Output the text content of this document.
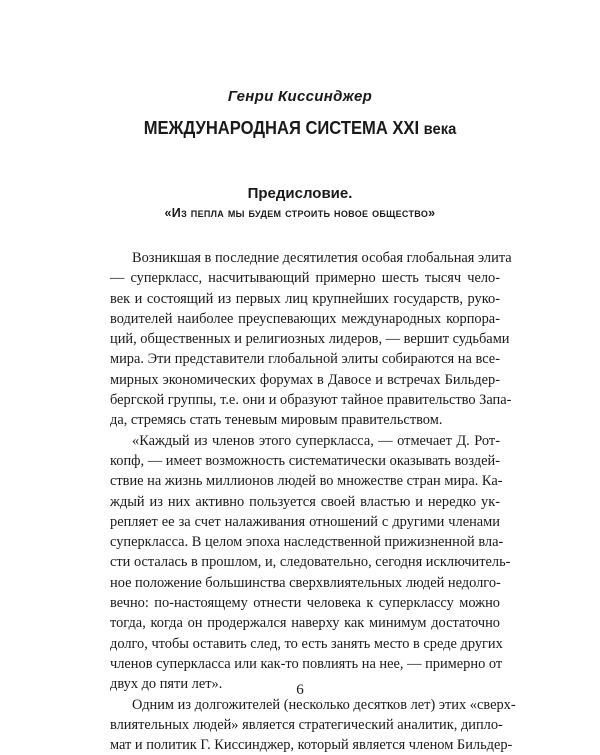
Генри Киссинджер
МЕЖДУНАРОДНАЯ СИСТЕМА XXI века
Предисловие.
«Из пепла мы будем строить новое общество»
Возникшая в последние десятилетия особая глобальная элита
— суперкласс, насчитывающий примерно шесть тысяч чело-
век и состоящий из первых лиц крупнейших государств, руко-
водителей наиболее преуспевающих международных корпора-
ций, общественных и религиозных лидеров, — вершит судьбами
мира. Эти представители глобальной элиты собираются на все-
мирных экономических форумах в Давосе и встречах Бильдер-
бергской группы, т.е. они и образуют тайное правительство Запа-
да, стремясь стать теневым мировым правительством.
«Каждый из членов этого суперкласса, — отмечает Д. Рот-
копф, — имеет возможность систематически оказывать воздей-
ствие на жизнь миллионов людей во множестве стран мира. Ка-
ждый из них активно пользуется своей властью и нередко ук-
репляет ее за счет налаживания отношений с другими членами
суперкласса. В целом эпоха наследственной прижизненной вла-
сти осталась в прошлом, и, следовательно, сегодня исключитель-
ное положение большинства сверхвлиятельных людей недолго-
вечно: по-настоящему отнести человека к суперклассу можно
тогда, когда он продержался наверху как минимум достаточно
долго, чтобы оставить след, то есть занять место в среде других
членов суперкласса или как-то повлиять на нее, — примерно от
двух до пяти лет».
Одним из долгожителей (несколько десятков лет) этих «сверх-
влиятельных людей» является стратегический аналитик, дипло-
мат и политик Г. Киссинджер, который является членом Бильдер-
6
